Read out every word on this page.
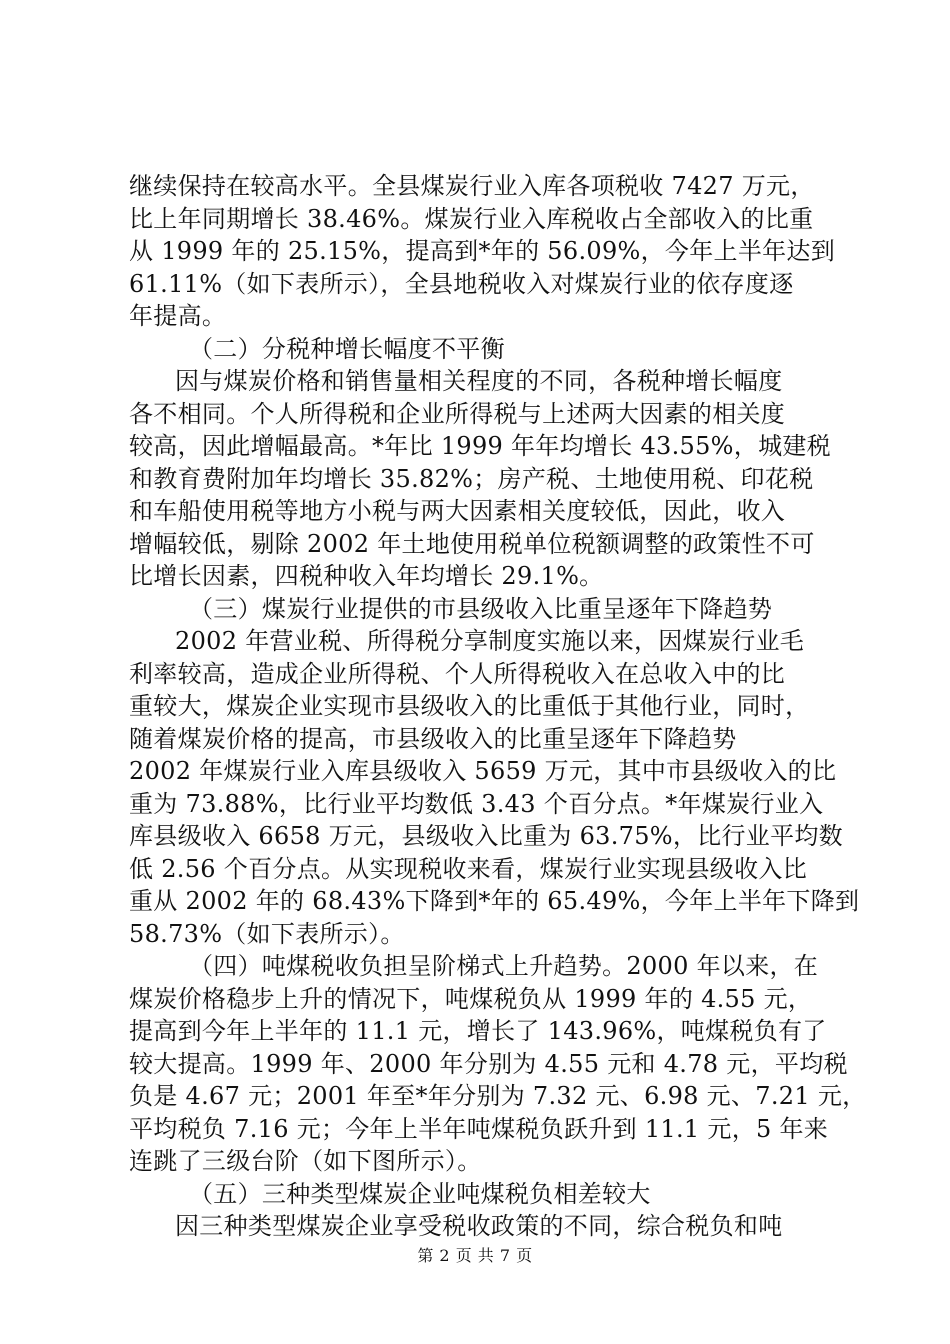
继续保持在较高水平。全县煤炭行业入库各项税收 7427 万元，
比上年同期增长 38.46%。煤炭行业入库税收占全部收入的比重
从 1999 年的 25.15%，提高到*年的 56.09%，今年上半年达到
61.11%（如下表所示），全县地税收入对煤炭行业的依存度逐
年提高。
（二）分税种增长幅度不平衡
因与煤炭价格和销售量相关程度的不同，各税种增长幅度
各不相同。个人所得税和企业所得税与上述两大因素的相关度
较高，因此增幅最高。*年比 1999 年年均增长 43.55%，城建税
和教育费附加年均增长 35.82%；房产税、土地使用税、印花税
和车船使用税等地方小税与两大因素相关度较低，因此，收入
增幅较低，剔除 2002 年土地使用税单位税额调整的政策性不可
比增长因素，四税种收入年均增长 29.1%。
（三）煤炭行业提供的市县级收入比重呈逐年下降趋势
2002 年营业税、所得税分享制度实施以来，因煤炭行业毛
利率较高，造成企业所得税、个人所得税收入在总收入中的比
重较大，煤炭企业实现市县级收入的比重低于其他行业，同时，
随着煤炭价格的提高，市县级收入的比重呈逐年下降趋势
2002 年煤炭行业入库县级收入 5659 万元，其中市县级收入的比
重为 73.88%，比行业平均数低 3.43 个百分点。*年煤炭行业入
库县级收入 6658 万元，县级收入比重为 63.75%，比行业平均数
低 2.56 个百分点。从实现税收来看，煤炭行业实现县级收入比
重从 2002 年的 68.43%下降到*年的 65.49%，今年上半年下降到
58.73%（如下表所示）。
（四）吨煤税收负担呈阶梯式上升趋势。2000 年以来，在
煤炭价格稳步上升的情况下，吨煤税负从 1999 年的 4.55 元，
提高到今年上半年的 11.1 元，增长了 143.96%，吨煤税负有了
较大提高。1999 年、2000 年分别为 4.55 元和 4.78 元，平均税
负是 4.67 元；2001 年至*年分别为 7.32 元、6.98 元、7.21 元，
平均税负 7.16 元；今年上半年吨煤税负跃升到 11.1 元，5 年来
连跳了三级台阶（如下图所示）。
（五）三种类型煤炭企业吨煤税负相差较大
因三种类型煤炭企业享受税收政策的不同，综合税负和吨
第 2 页 共 7 页
